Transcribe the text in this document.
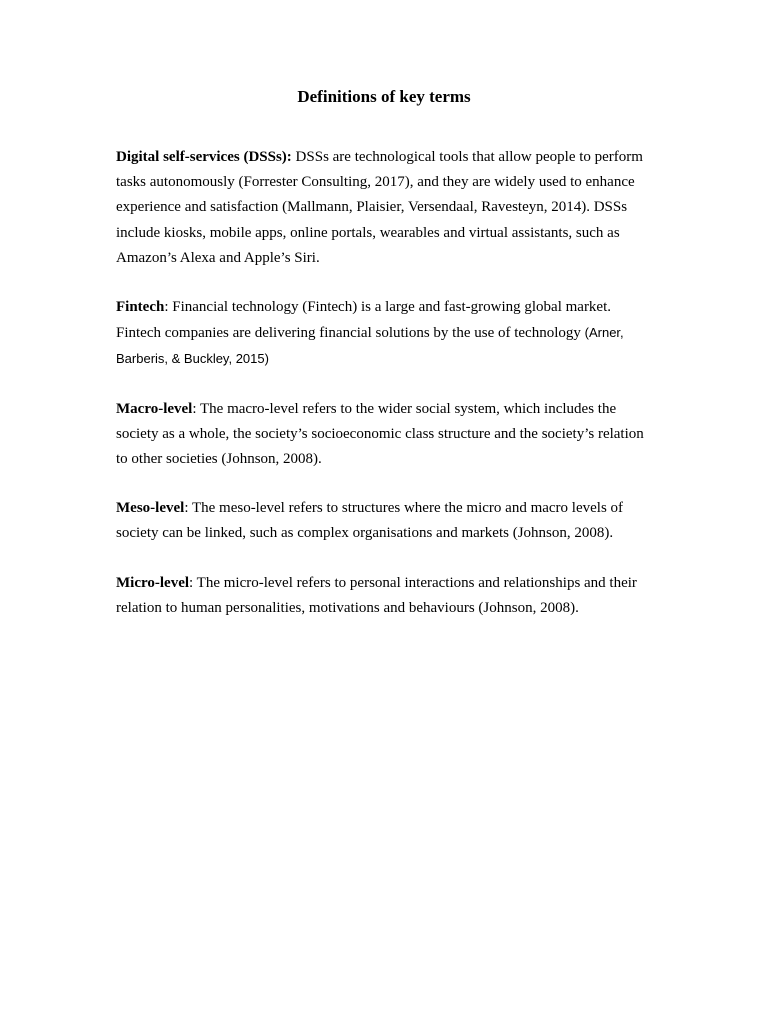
Definitions of key terms

Digital self-services (DSSs): DSSs are technological tools that allow people to perform tasks autonomously (Forrester Consulting, 2017), and they are widely used to enhance experience and satisfaction (Mallmann, Plaisier, Versendaal, Ravesteyn, 2014). DSSs include kiosks, mobile apps, online portals, wearables and virtual assistants, such as Amazon’s Alexa and Apple’s Siri.

Fintech: Financial technology (Fintech) is a large and fast-growing global market. Fintech companies are delivering financial solutions by the use of technology (Arner, Barberis, & Buckley, 2015)

Macro-level: The macro-level refers to the wider social system, which includes the society as a whole, the society’s socioeconomic class structure and the society’s relation to other societies (Johnson, 2008).

Meso-level: The meso-level refers to structures where the micro and macro levels of society can be linked, such as complex organisations and markets (Johnson, 2008).

Micro-level: The micro-level refers to personal interactions and relationships and their relation to human personalities, motivations and behaviours (Johnson, 2008).
